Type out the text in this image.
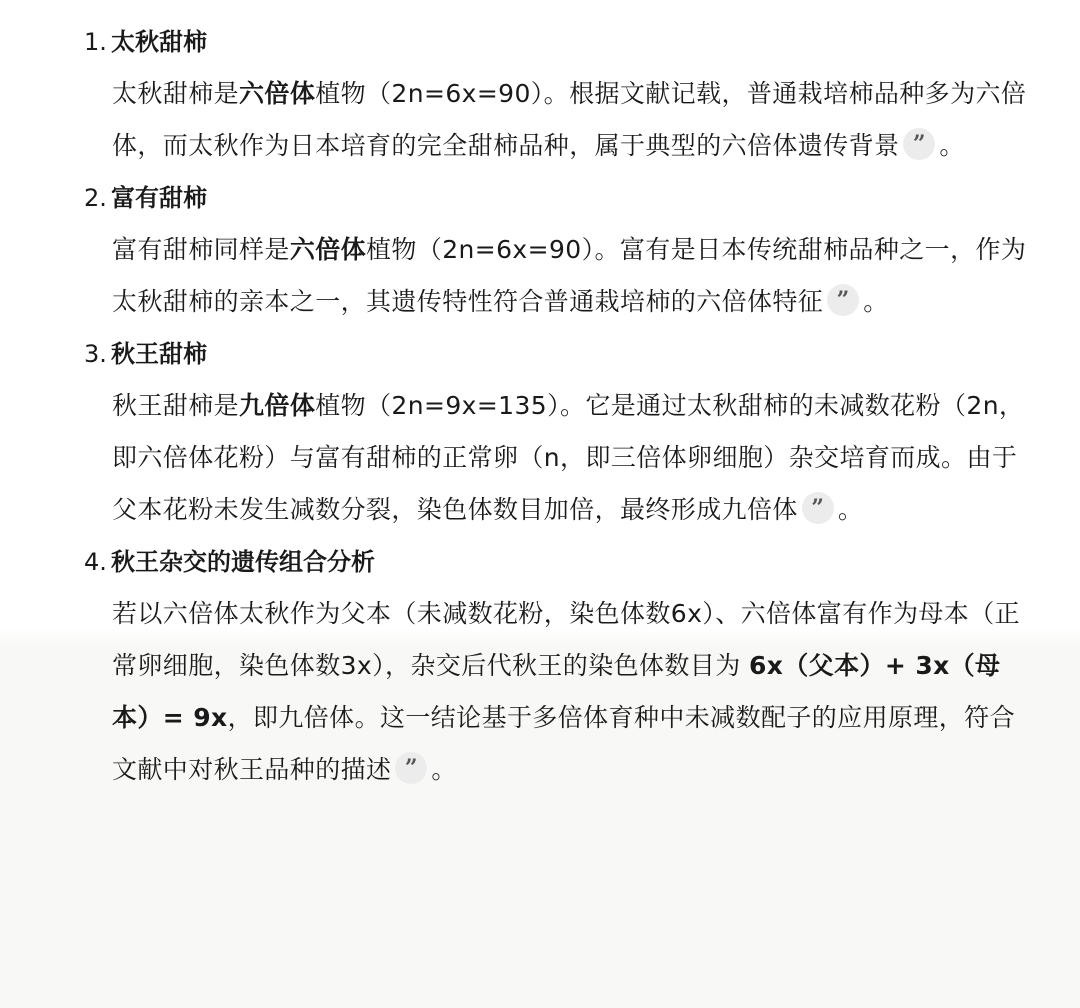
1. 太秋甜柿
太秋甜柿是六倍体植物（2n=6x=90）。根据文献记载，普通栽培柿品种多为六倍体，而太秋作为日本培育的完全甜柿品种，属于典型的六倍体遗传背景 ” 。
2. 富有甜柿
富有甜柿同样是六倍体植物（2n=6x=90）。富有是日本传统甜柿品种之一，作为太秋甜柿的亲本之一，其遗传特性符合普通栽培柿的六倍体特征 ” 。
3. 秋王甜柿
秋王甜柿是九倍体植物（2n=9x=135）。它是通过太秋甜柿的未减数花粉（2n，即六倍体花粉）与富有甜柿的正常卵（n，即三倍体卵细胞）杂交培育而成。由于父本花粉未发生减数分裂，染色体数目加倍，最终形成九倍体 ” 。
4. 秋王杂交的遗传组合分析
若以六倍体太秋作为父本（未减数花粉，染色体数6x）、六倍体富有作为母本（正常卵细胞，染色体数3x），杂交后代秋王的染色体数目为 6x（父本）+ 3x（母本）= 9x，即九倍体。这一结论基于多倍体育种中未减数配子的应用原理，符合文献中对秋王品种的描述 ” 。
